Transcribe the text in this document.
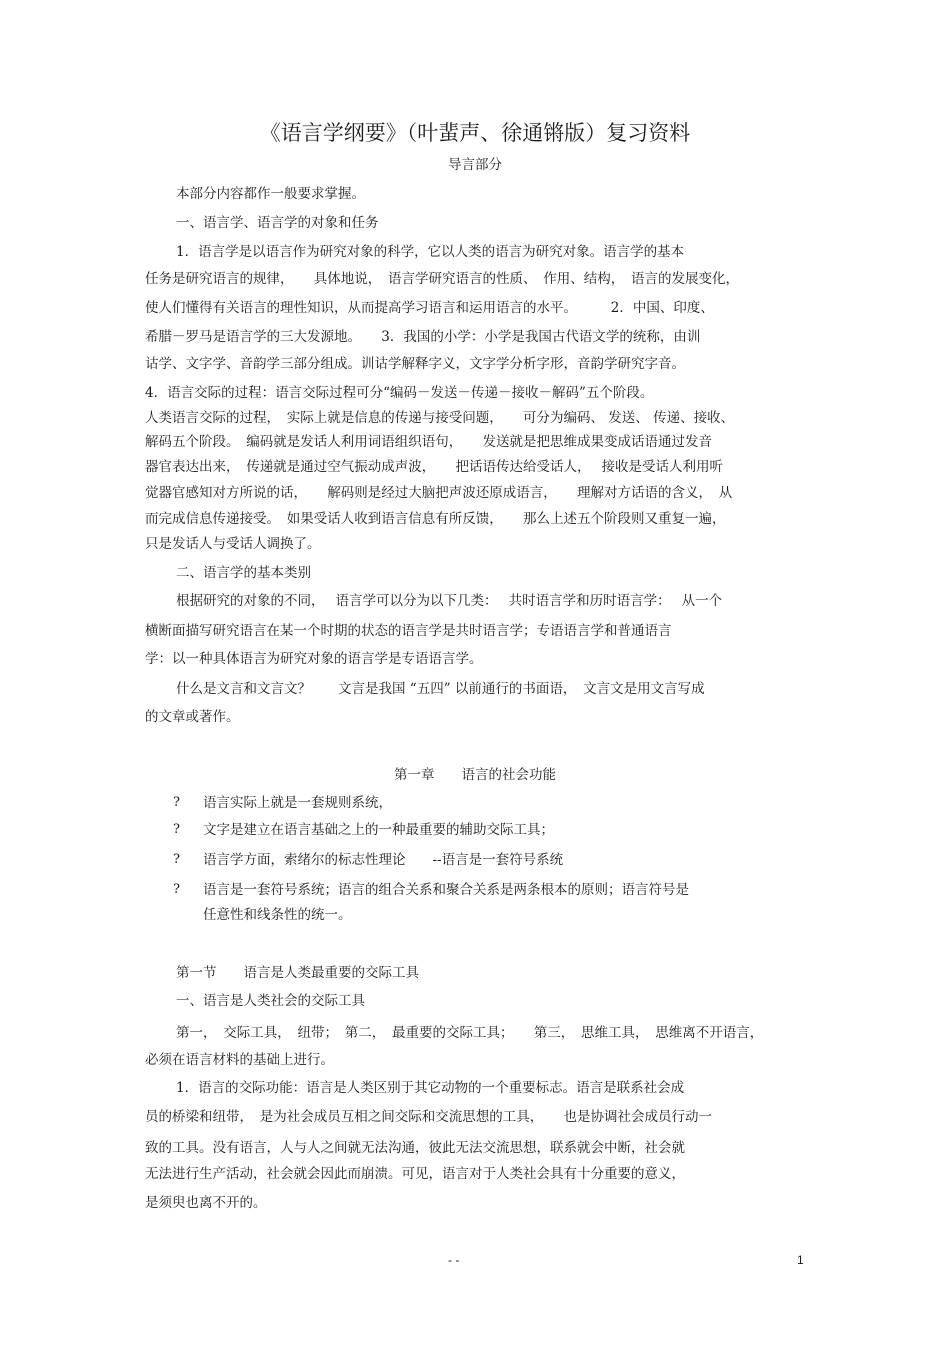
《语言学纲要》（叶蜚声、徐通锵版）复习资料
导言部分
本部分内容都作一般要求掌握。
一、语言学、语言学的对象和任务
1．语言学是以语言作为研究对象的科学，它以人类的语言为研究对象。语言学的基本
任务是研究语言的规律，　　具体地说，　语言学研究语言的性质、　作用、结构，　语言的发展变化，
使人们懂得有关语言的理性知识，从而提高学习语言和运用语言的水平。　　　2．中国、印度、
希腊－罗马是语言学的三大发源地。　　3．我国的小学：小学是我国古代语文学的统称，由训
诂学、文字学、音韵学三部分组成。训诂学解释字义，文字学分析字形，音韵学研究字音。
4．语言交际的过程：语言交际过程可分“编码－发送－传递－接收－解码”五个阶段。
人类语言交际的过程，　实际上就是信息的传递与接受问题，　　可分为编码、 发送、 传递、接收、
解码五个阶段。　编码就是发话人利用词语组织语句，　　发送就是把思维成果变成话语通过发音
器官表达出来，　传递就是通过空气振动成声波，　　把话语传达给受话人，　 接收是受话人利用听
觉器官感知对方所说的话，　　解码则是经过大脑把声波还原成语言，　　理解对方话语的含义，　从
而完成信息传递接受。　如果受话人收到语言信息有所反馈，　　那么上述五个阶段则又重复一遍，
只是发话人与受话人调换了。
二、语言学的基本类别
根据研究的对象的不同，　 语言学可以分为以下几类：　 共时语言学和历时语言学：　 从一个
横断面描写研究语言在某一个时期的状态的语言学是共时语言学；专语语言学和普通语言
学：以一种具体语言为研究对象的语言学是专语语言学。
什么是文言和文言文？　　文言是我国 “五四” 以前通行的书面语，　文言文是用文言写成
的文章或著作。
第一章　　语言的社会功能
? 语言实际上就是一套规则系统，
? 文字是建立在语言基础之上的一种最重要的辅助交际工具；
? 语言学方面，索绪尔的标志性理论　　--语言是一套符号系统
? 语言是一套符号系统；语言的组合关系和聚合关系是两条根本的原则；语言符号是
任意性和线条性的统一。
第一节　　语言是人类最重要的交际工具
一、语言是人类社会的交际工具
第一，　交际工具，　纽带；　第二，　最重要的交际工具；　　第三，　思维工具，　思维离不开语言，
必须在语言材料的基础上进行。
1．语言的交际功能：语言是人类区别于其它动物的一个重要标志。语言是联系社会成
员的桥梁和纽带，　是为社会成员互相之间交际和交流思想的工具，　　也是协调社会成员行动一
致的工具。没有语言，人与人之间就无法沟通，彼此无法交流思想，联系就会中断，社会就
无法进行生产活动，社会就会因此而崩溃。可见，语言对于人类社会具有十分重要的意义，
是须臾也离不开的。
- -	1
